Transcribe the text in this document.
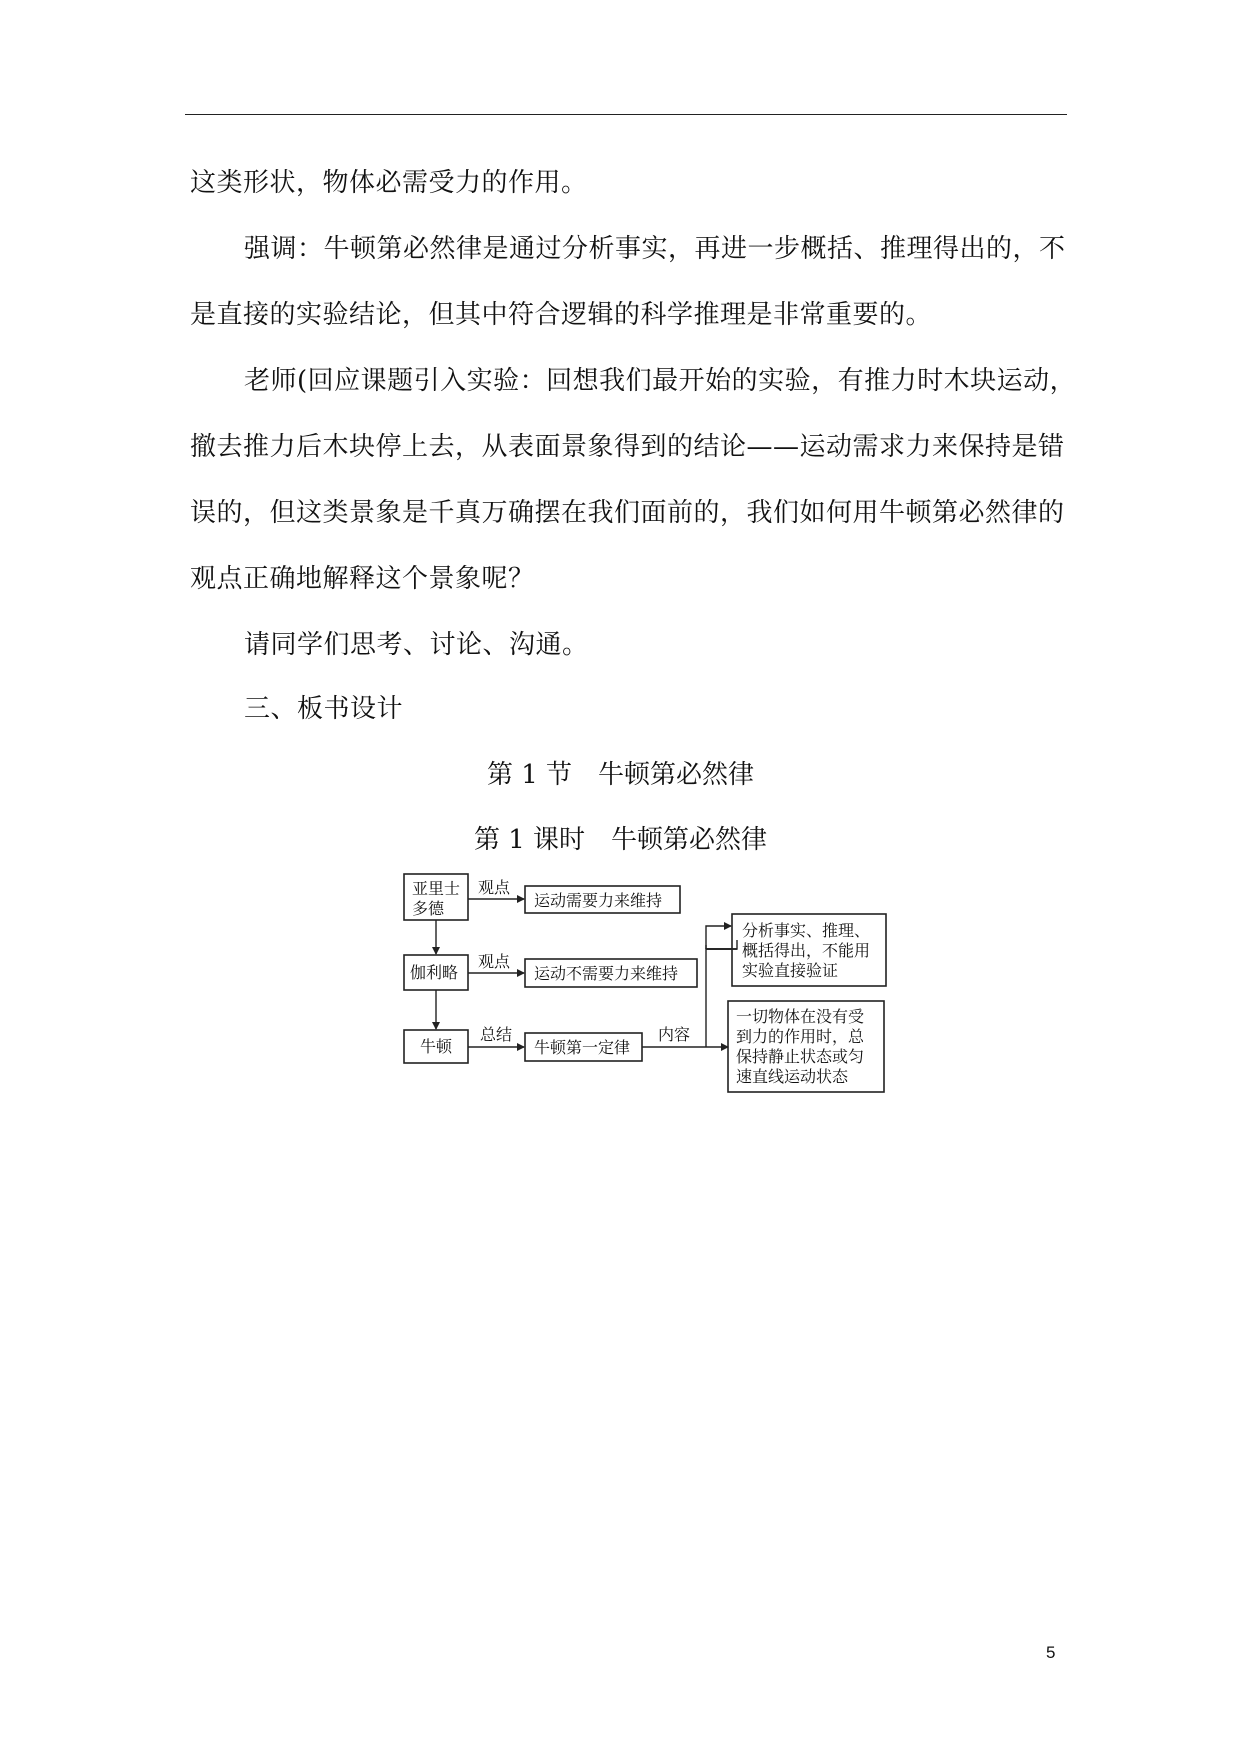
这类形状，物体必需受力的作用。
强调：牛顿第必然律是通过分析事实，再进一步概括、推理得出的，不
是直接的实验结论，但其中符合逻辑的科学推理是非常重要的。
老师(回应课题引入实验：回想我们最开始的实验，有推力时木块运动，
撤去推力后木块停上去，从表面景象得到的结论——运动需求力来保持是错
误的，但这类景象是千真万确摆在我们面前的，我们如何用牛顿第必然律的
观点正确地解释这个景象呢？
请同学们思考、讨论、沟通。
三、板书设计
第 1 节　牛顿第必然律
第 1 课时　牛顿第必然律
亚里士
多德
伽利略
牛顿
运动需要力来维持
运动不需要力来维持
牛顿第一定律
观点
观点
总结	内容
分析事实、推理、
概括得出，不能用
实验直接验证
一切物体在没有受
到力的作用时，总
保持静止状态或匀
速直线运动状态
5
